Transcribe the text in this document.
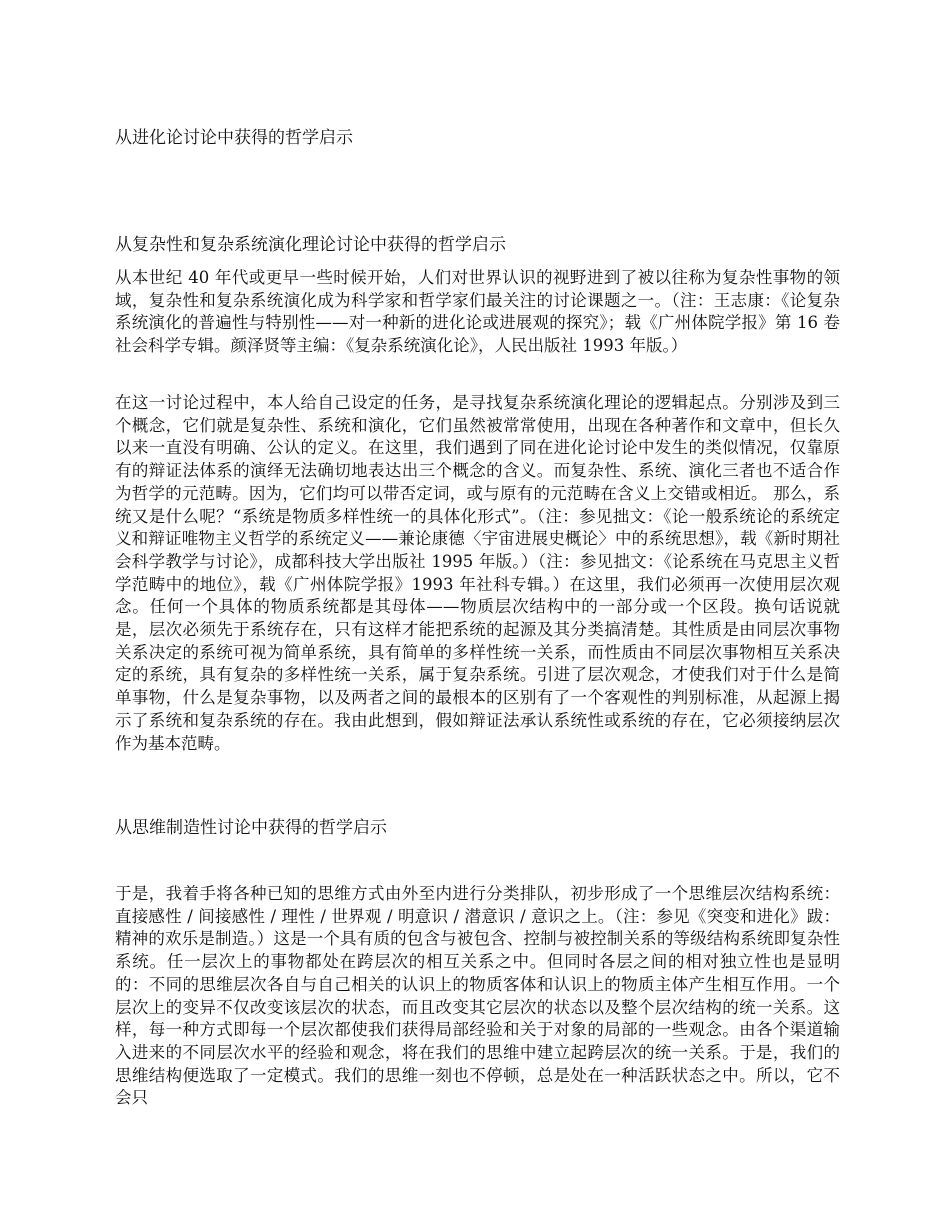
从进化论讨论中获得的哲学启示
从复杂性和复杂系统演化理论讨论中获得的哲学启示

从本世纪 40 年代或更早一些时候开始，人们对世界认识的视野进到了被以往称为复杂性事物的领域，复杂性和复杂系统演化成为科学家和哲学家们最关注的讨论课题之一。（注：王志康：《论复杂系统演化的普遍性与特别性——对一种新的进化论或进展观的探究》；载《广州体院学报》第 16 卷社会科学专辑。颜泽贤等主编：《复杂系统演化论》，人民出版社 1993 年版。）

在这一讨论过程中，本人给自己设定的任务，是寻找复杂系统演化理论的逻辑起点。分别涉及到三个概念，它们就是复杂性、系统和演化，它们虽然被常常使用，出现在各种著作和文章中，但长久以来一直没有明确、公认的定义。在这里，我们遇到了同在进化论讨论中发生的类似情况，仅靠原有的辩证法体系的演绎无法确切地表达出三个概念的含义。而复杂性、系统、演化三者也不适合作为哲学的元范畴。因为，它们均可以带否定词，或与原有的元范畴在含义上交错或相近。 那么，系统又是什么呢？“系统是物质多样性统一的具体化形式”。（注：参见拙文：《论一般系统论的系统定义和辩证唯物主义哲学的系统定义——兼论康德〈宇宙进展史概论〉中的系统思想》，载《新时期社会科学教学与讨论》，成都科技大学出版社 1995 年版。）（注：参见拙文：《论系统在马克思主义哲学范畴中的地位》，载《广州体院学报》1993 年社科专辑。）在这里，我们必须再一次使用层次观念。任何一个具体的物质系统都是其母体——物质层次结构中的一部分或一个区段。换句话说就是，层次必须先于系统存在，只有这样才能把系统的起源及其分类搞清楚。其性质是由同层次事物关系决定的系统可视为简单系统，具有简单的多样性统一关系，而性质由不同层次事物相互关系决定的系统，具有复杂的多样性统一关系，属于复杂系统。引进了层次观念，才使我们对于什么是简单事物，什么是复杂事物，以及两者之间的最根本的区别有了一个客观性的判别标准，从起源上揭示了系统和复杂系统的存在。我由此想到，假如辩证法承认系统性或系统的存在，它必须接纳层次作为基本范畴。

从思维制造性讨论中获得的哲学启示

于是，我着手将各种已知的思维方式由外至内进行分类排队，初步形成了一个思维层次结构系统：直接感性 / 间接感性 / 理性 / 世界观 / 明意识 / 潜意识 / 意识之上。（注：参见《突变和进化》跋：精神的欢乐是制造。）这是一个具有质的包含与被包含、控制与被控制关系的等级结构系统即复杂性系统。任一层次上的事物都处在跨层次的相互关系之中。但同时各层之间的相对独立性也是显明的：不同的思维层次各自与自己相关的认识上的物质客体和认识上的物质主体产生相互作用。一个层次上的变异不仅改变该层次的状态，而且改变其它层次的状态以及整个层次结构的统一关系。这样，每一种方式即每一个层次都使我们获得局部经验和关于对象的局部的一些观念。由各个渠道输入进来的不同层次水平的经验和观念，将在我们的思维中建立起跨层次的统一关系。于是，我们的思维结构便选取了一定模式。我们的思维一刻也不停顿，总是处在一种活跃状态之中。所以，它不会只
